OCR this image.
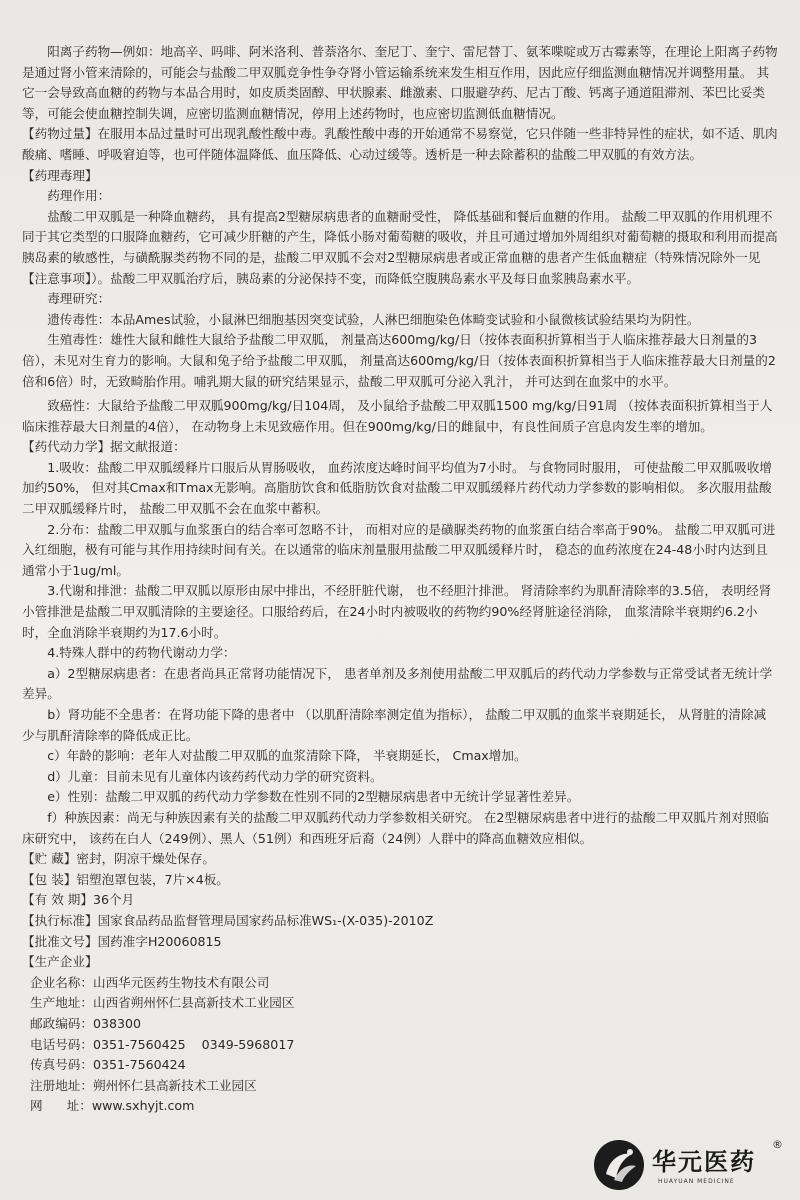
阳离子药物—例如：地高辛、吗啡、阿米洛利、普萘洛尔、奎尼丁、奎宁、雷尼替丁、氨苯喋啶或万古霉素等，在理论上阳离子药物是通过肾小管来清除的，可能会与盐酸二甲双胍竞争性争夺肾小管运输系统来发生相互作用，因此应仔细监测血糖情况并调整用量。 其它一会导致高血糖的药物与本品合用时，如皮质类固醇、甲状腺素、雌激素、口服避孕药、尼古丁酸、钙离子通道阻滞剂、苯巴比妥类等，可能会使血糖控制失调，应密切监测血糖情况，停用上述药物时，也应密切监测低血糖情况。

【药物过量】在服用本品过量时可出现乳酸性酸中毒。乳酸性酸中毒的开始通常不易察觉，它只伴随一些非特异性的症状，如不适、肌肉酸痛、嗜睡、呼吸窘迫等，也可伴随体温降低、血压降低、心动过缓等。透析是一种去除蓄积的盐酸二甲双胍的有效方法。

【药理毒理】

药理作用：

盐酸二甲双胍是一种降血糖药， 具有提高2型糖尿病患者的血糖耐受性， 降低基础和餐后血糖的作用。 盐酸二甲双胍的作用机理不同于其它类型的口服降血糖药，它可减少肝糖的产生，降低小肠对葡萄糖的吸收，并且可通过增加外周组织对葡萄糖的摄取和利用而提高胰岛素的敏感性，与磺酰脲类药物不同的是，盐酸二甲双胍不会对2型糖尿病患者或正常血糖的患者产生低血糖症（特殊情况除外一见【注意事项】）。盐酸二甲双胍治疗后，胰岛素的分泌保持不变，而降低空腹胰岛素水平及每日血浆胰岛素水平。

毒理研究：

遗传毒性：本品Ames试验，小鼠淋巴细胞基因突变试验，人淋巴细胞染色体畸变试验和小鼠微核试验结果均为阴性。

生殖毒性：雄性大鼠和雌性大鼠给予盐酸二甲双胍， 剂量高达600mg/kg/日（按体表面积折算相当于人临床推荐最大日剂量的3倍），未见对生育力的影响。大鼠和兔子给予盐酸二甲双胍， 剂量高达600mg/kg/日（按体表面积折算相当于人临床推荐最大日剂量的2倍和6倍）时，无致畸胎作用。哺乳期大鼠的研究结果显示，盐酸二甲双胍可分泌入乳汁， 并可达到在血浆中的水平。

致癌性：大鼠给予盐酸二甲双胍900mg/kg/日104周， 及小鼠给予盐酸二甲双胍1500 mg/kg/日91周 （按体表面积折算相当于人临床推荐最大日剂量的4倍）， 在动物身上未见致癌作用。但在900mg/kg/日的雌鼠中，有良性间质子宫息肉发生率的增加。

【药代动力学】据文献报道：

1.吸收：盐酸二甲双胍缓释片口服后从胃肠吸收， 血药浓度达峰时间平均值为7小时。 与食物同时服用， 可使盐酸二甲双胍吸收增加约50%， 但对其Cmax和Tmax无影响。高脂肪饮食和低脂肪饮食对盐酸二甲双胍缓释片药代动力学参数的影响相似。 多次服用盐酸二甲双胍缓释片时， 盐酸二甲双胍不会在血浆中蓄积。

2.分布：盐酸二甲双胍与血浆蛋白的结合率可忽略不计， 而相对应的是磺脲类药物的血浆蛋白结合率高于90%。 盐酸二甲双胍可进入红细胞，极有可能与其作用持续时间有关。在以通常的临床剂量服用盐酸二甲双胍缓释片时， 稳态的血药浓度在24-48小时内达到且通常小于1ug/ml。

3.代谢和排泄：盐酸二甲双胍以原形由尿中排出，不经肝脏代谢， 也不经胆汁排泄。 肾清除率约为肌酐清除率的3.5倍， 表明经肾小管排泄是盐酸二甲双胍清除的主要途径。口服给药后，在24小时内被吸收的药物约90%经肾脏途径消除， 血浆清除半衰期约6.2小时，全血消除半衰期约为17.6小时。

4.特殊人群中的药物代谢动力学：

a）2型糖尿病患者：在患者尚具正常肾功能情况下， 患者单剂及多剂使用盐酸二甲双胍后的药代动力学参数与正常受试者无统计学差异。

b）肾功能不全患者：在肾功能下降的患者中 （以肌酐清除率测定值为指标）， 盐酸二甲双胍的血浆半衰期延长， 从肾脏的清除减少与肌酐清除率的降低成正比。

c）年龄的影响：老年人对盐酸二甲双胍的血浆清除下降， 半衰期延长， Cmax增加。

d）儿童：目前未见有儿童体内该药药代动力学的研究资料。

e）性别：盐酸二甲双胍的药代动力学参数在性别不同的2型糖尿病患者中无统计学显著性差异。

f）种族因素：尚无与种族因素有关的盐酸二甲双胍药代动力学参数相关研究。 在2型糖尿病患者中进行的盐酸二甲双胍片剂对照临床研究中， 该药在白人（249例）、黑人（51例）和西班牙后裔（24例）人群中的降高血糖效应相似。

【贮 藏】密封，阴凉干燥处保存。

【包 装】铝塑泡罩包装，7片×4板。

【有 效 期】36个月

【执行标准】国家食品药品监督管理局国家药品标准WS₁-(X-035)-2010Z

【批准文号】国药准字H20060815

【生产企业】

企业名称： 山西华元医药生物技术有限公司
生产地址： 山西省朔州怀仁县高新技术工业园区
邮政编码： 038300
电话号码： 0351-7560425    0349-5968017
传真号码： 0351-7560424
注册地址： 朔州怀仁县高新技术工业园区
网      址： www.sxhyjt.com
华元医药
®
HUAYUAN MEDICINE
